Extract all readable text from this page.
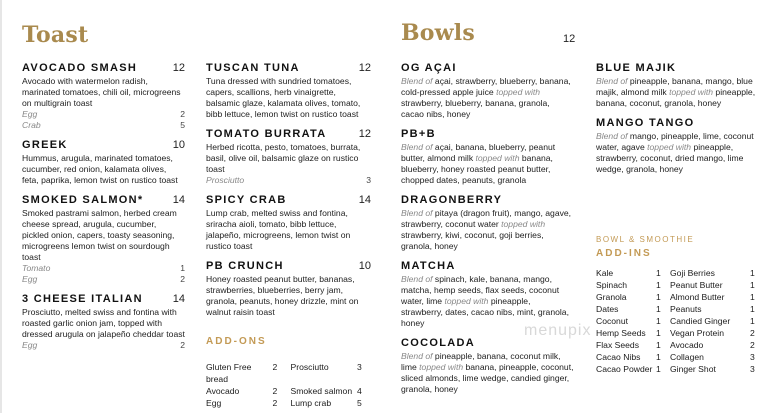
Toast
AVOCADO SMASH	12
Avocado with watermelon radish, marinated tomatoes, chili oil, microgreens on multigrain toast
Egg	2
Crab	5
GREEK	10
Hummus, arugula, marinated tomatoes, cucumber, red onion, kalamata olives, feta, paprika, lemon twist on rustico toast
SMOKED SALMON*	14
Smoked pastrami salmon, herbed cream cheese spread, arugula, cucumber, pickled onion, capers, toasty seasoning, microgreens lemon twist on sourdough toast
Tomato	1
Egg	2
3 CHEESE ITALIAN	14
Prosciutto, melted swiss and fontina with roasted garlic onion jam, topped with dressed arugula on jalapeño cheddar toast
Egg	2
TUSCAN TUNA	12
Tuna dressed with sundried tomatoes, capers, scallions, herb vinaigrette, balsamic glaze, kalamata olives, tomato, bibb lettuce, lemon twist on rustico toast
TOMATO BURRATA	12
Herbed ricotta, pesto, tomatoes, burrata, basil, olive oil, balsamic glaze on rustico toast
Prosciutto	3
SPICY CRAB	14
Lump crab, melted swiss and fontina, sriracha aioli, tomato, bibb lettuce, jalapeño, microgreens, lemon twist on rustico toast
PB CRUNCH	10
Honey roasted peanut butter, bananas, strawberries, blueberries, berry jam, granola, peanuts, honey drizzle, mint on walnut raisin toast
ADD-ONS
Gluten Free bread
2	Prosciutto	3
Avocado	2	Smoked salmon 4
Egg	2	Lump crab	5
Bowls	12
OG AÇAI
Blend of açai, strawberry, blueberry, banana, cold-pressed apple juice topped with strawberry, blueberry, banana, granola, cacao nibs, honey
PB+B
Blend of açai, banana, blueberry, peanut butter, almond milk topped with banana, blueberry, honey roasted peanut butter, chopped dates, peanuts, granola
DRAGONBERRY
Blend of pitaya (dragon fruit), mango, agave, strawberry, coconut water topped with strawberry, kiwi, coconut, goji berries, granola, honey
MATCHA
Blend of spinach, kale, banana, mango, matcha, hemp seeds, flax seeds, coconut water, lime topped with pineapple, strawberry, dates, cacao nibs, mint, granola, honey
COCOLADA
Blend of pineapple, banana, coconut milk, lime topped with banana, pineapple, coconut, sliced almonds, lime wedge, candied ginger, granola, honey
BLUE MAJIK
Blend of pineapple, banana, mango, blue majik, almond milk topped with pineapple, banana, coconut, granola, honey
MANGO TANGO
Blend of mango, pineapple, lime, coconut water, agave topped with pineapple, strawberry, coconut, dried mango, lime wedge, granola, honey
BOWL & SMOOTHIE
ADD-INS
Kale	1	Goji Berries	1
Spinach	1	Peanut Butter	1
Granola	1	Almond Butter	1
Dates	1	Peanuts	1
Coconut	1	Candied Ginger	1
Hemp Seeds	1	Vegan Protein	2
Flax Seeds	1	Avocado	2
Cacao Nibs	1	Collagen	3
Cacao Powder 1	Ginger Shot	3
menupix
